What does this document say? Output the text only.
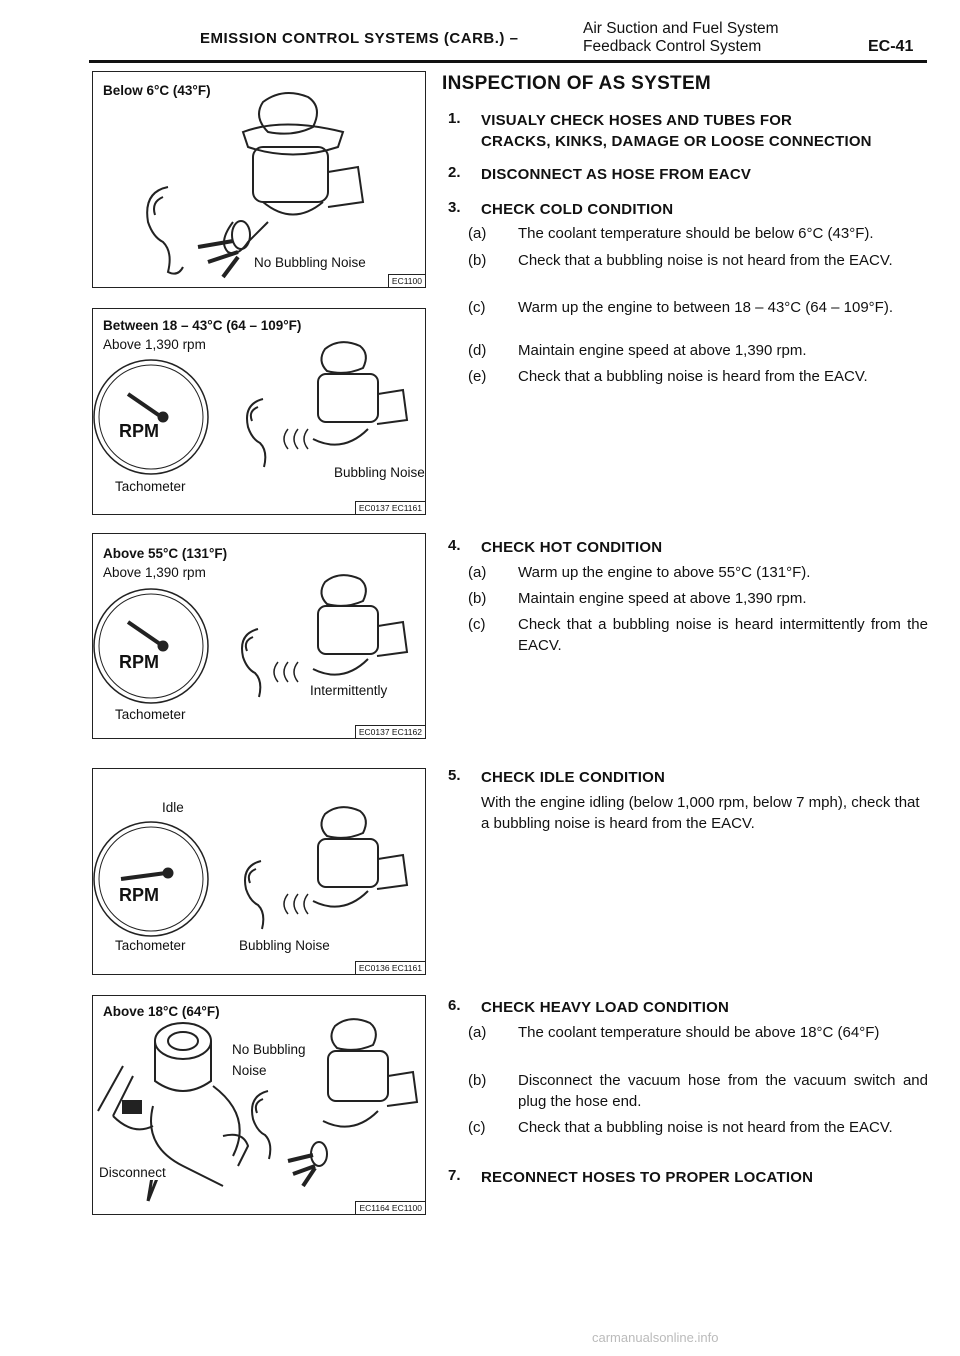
EMISSION CONTROL SYSTEMS (CARB.) –
Air Suction and Fuel System
Feedback Control System	EC-41
Below 6°C (43°F)
No Bubbling Noise
EC1100
Between 18 – 43°C (64 – 109°F)
Above 1,390 rpm
RPM
Tachometer
Bubbling Noise
EC0137 EC1161
Above 55°C (131°F)
Above 1,390 rpm
RPM
Tachometer
Intermittently
EC0137 EC1162
Idle
RPM
Tachometer	Bubbling Noise
EC0136 EC1161
Above 18°C (64°F)
No Bubbling
Noise
Disconnect
EC1164 EC1100
INSPECTION OF AS SYSTEM
1. VISUALY CHECK HOSES AND TUBES FOR
CRACKS, KINKS, DAMAGE OR LOOSE CONNECTION
2. DISCONNECT AS HOSE FROM EACV
3. CHECK COLD CONDITION
(a) The coolant temperature should be below 6°C (43°F).
(b) Check that a bubbling noise is not heard from the EACV.
(c) Warm up the engine to between 18 – 43°C (64 – 109°F).
(d) Maintain engine speed at above 1,390 rpm.
(e) Check that a bubbling noise is heard from the EACV.
4. CHECK HOT CONDITION
(a) Warm up the engine to above 55°C (131°F).
(b) Maintain engine speed at above 1,390 rpm.
(c) Check that a bubbling noise is heard intermittently from the EACV.
5. CHECK IDLE CONDITION
With the engine idling (below 1,000 rpm, below 7 mph), check that a bubbling noise is heard from the EACV.
6. CHECK HEAVY LOAD CONDITION
(a) The coolant temperature should be above 18°C (64°F)
(b) Disconnect the vacuum hose from the vacuum switch and plug the hose end.
(c) Check that a bubbling noise is not heard from the EACV.
7. RECONNECT HOSES TO PROPER LOCATION
carmanualsonline.info
